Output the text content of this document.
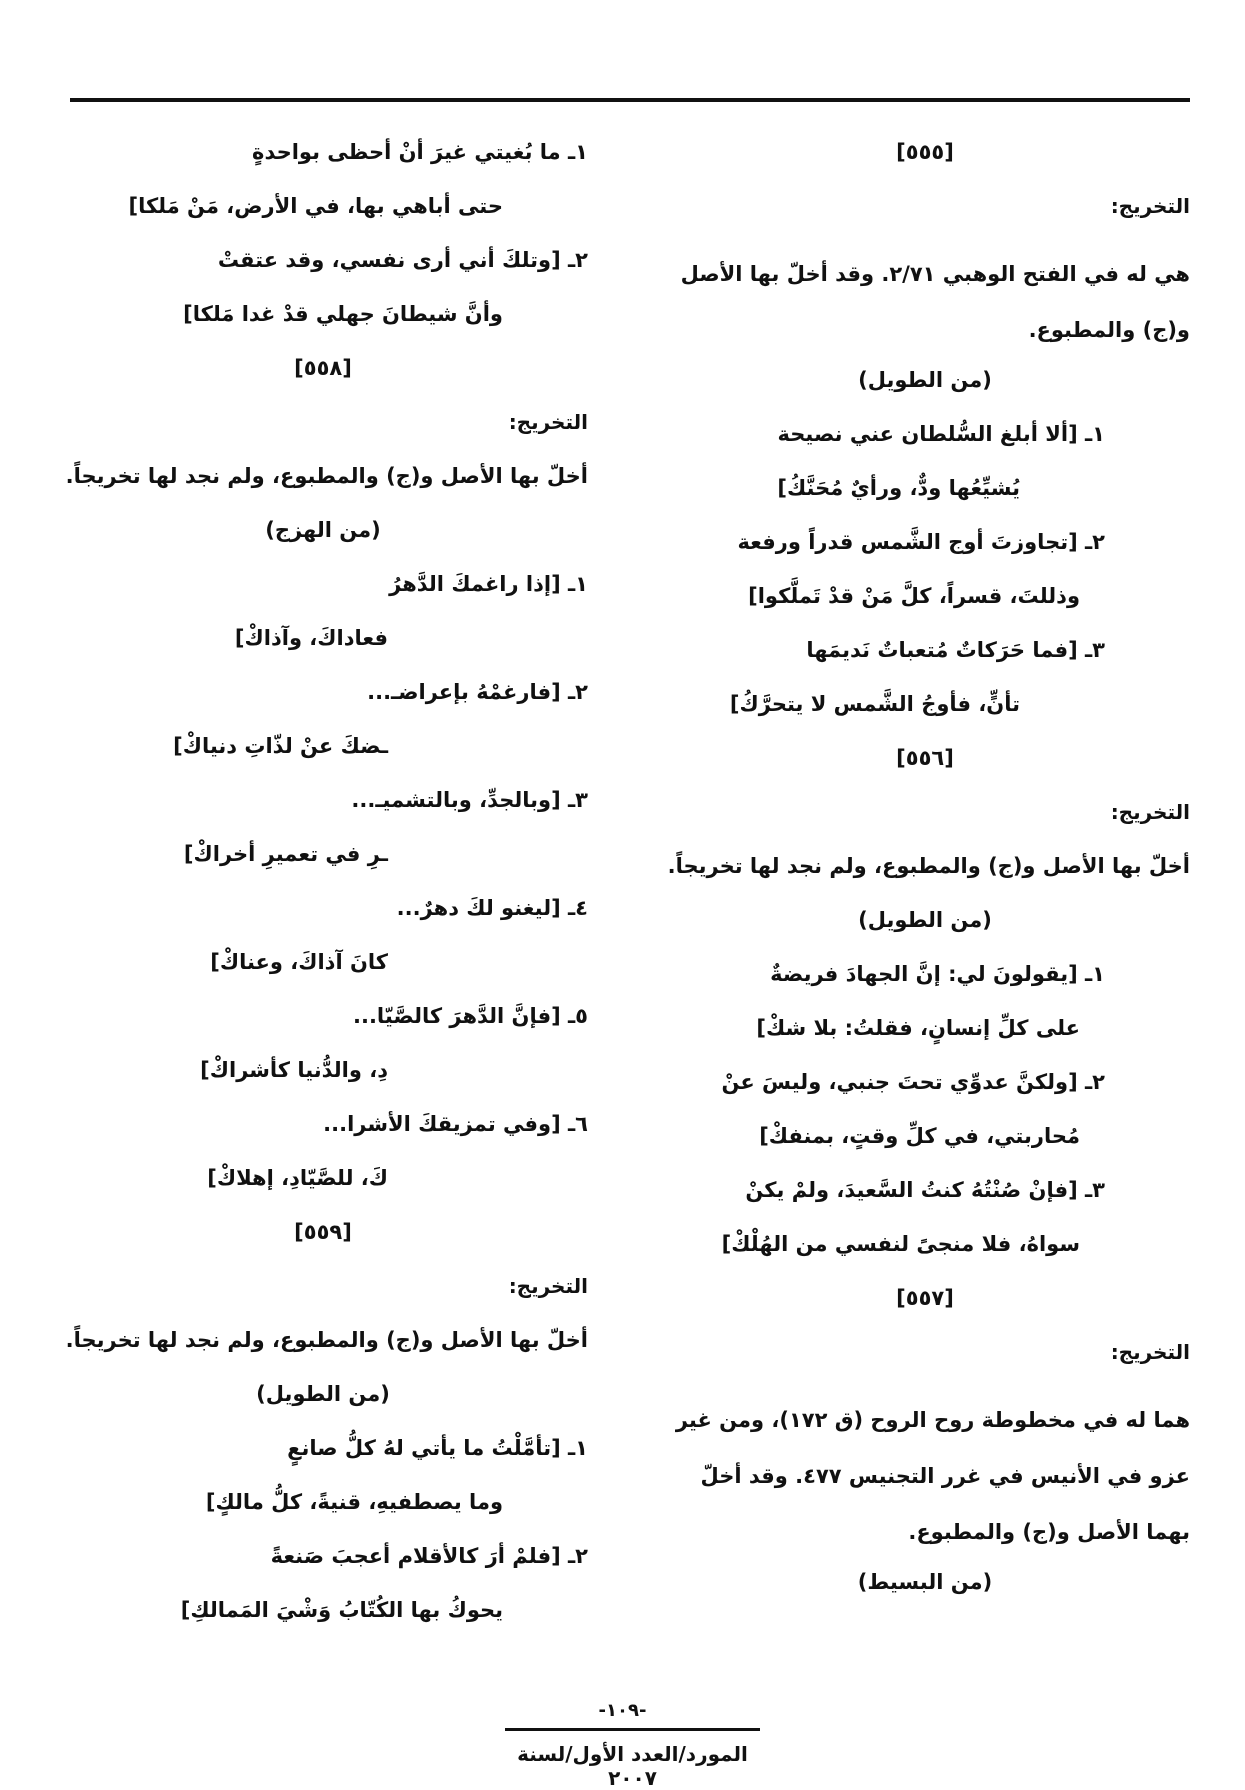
[٥٥٥]
التخريج:
هي له في الفتح الوهبي ٢/٧١. وقد أخلّ بها الأصل و(ج) والمطبوع.
(من الطويل)
١ـ [ألا أبلغ السُّلطان عني نصيحة
يُشيِّعُها ودٌّ، ورأيٌ مُحَنَّكُ]
٢ـ [تجاوزتَ أوج الشَّمس قدراً ورفعة
وذللتَ، قسراً، كلَّ مَنْ قدْ تَملَّكوا]
٣ـ [فما حَرَكاتٌ مُتعباتٌ نَديمَها
تأنٍّ، فأوجُ الشَّمس لا يتحرَّكُ]
[٥٥٦]
التخريج:
أخلّ بها الأصل و(ج) والمطبوع، ولم نجد لها تخريجاً.
(من الطويل)
١ـ [يقولونَ لي: إنَّ الجهادَ فريضةٌ
على كلِّ إنسانٍ، فقلتُ: بلا شكْ]
٢ـ [ولكنَّ عدوِّي تحتَ جنبي، وليسَ عنْ
مُحاربتي، في كلِّ وقتٍ، بمنفكْ]
٣ـ [فإنْ صُنْتُهُ كنتُ السَّعيدَ، ولمْ يكنْ
سواهُ، فلا منجىً لنفسي من الهُلْكْ]
[٥٥٧]
التخريج:
هما له في مخطوطة روح الروح (ق ١٧٢)، ومن غير عزو في الأنيس في غرر التجنيس ٤٧٧. وقد أخلّ بهما الأصل و(ج) والمطبوع.
(من البسيط)
١ـ ما بُغيتي غيرَ أنْ أحظى بواحدةٍ
حتى أباهي بها، في الأرض، مَنْ مَلكا]
٢ـ [وتلكَ أني أرى نفسي، وقد عتقتْ
وأنَّ شيطانَ جهلي قدْ غدا مَلكا]
[٥٥٨]
التخريج:
أخلّ بها الأصل و(ج) والمطبوع، ولم نجد لها تخريجاً.
(من الهزج)
١ـ [إذا راغمكَ الدَّهرُ
فعاداكَ، وآذاكْ]
٢ـ [فارغمْهُ بإعراضـ...
ـضكَ عنْ لذّاتِ دنياكْ]
٣ـ [وبالجدِّ، وبالتشميـ...
ـرِ في تعميرِ أخراكْ]
٤ـ [ليغنو لكَ دهرٌ...
كانَ آذاكَ، وعناكْ]
٥ـ [فإنَّ الدَّهرَ كالصَّيّا...
دِ، والدُّنيا كأشراكْ]
٦ـ [وفي تمزيقكَ الأشرا...
كَ، للصَّيّادِ، إهلاكْ]
[٥٥٩]
التخريج:
أخلّ بها الأصل و(ج) والمطبوع، ولم نجد لها تخريجاً.
(من الطويل)
١ـ [تأمَّلْتُ ما يأتي لهُ كلُّ صانعٍ
وما يصطفيهِ، قنيةً، كلُّ مالكٍ]
٢ـ [فلمْ أرَ كالأقلام أعجبَ صَنعةً
يحوكُ بها الكُتّابُ وَشْيَ المَمالكِ]
-١٠٩-
المورد/العدد الأول/لسنة ٢٠٠٧
